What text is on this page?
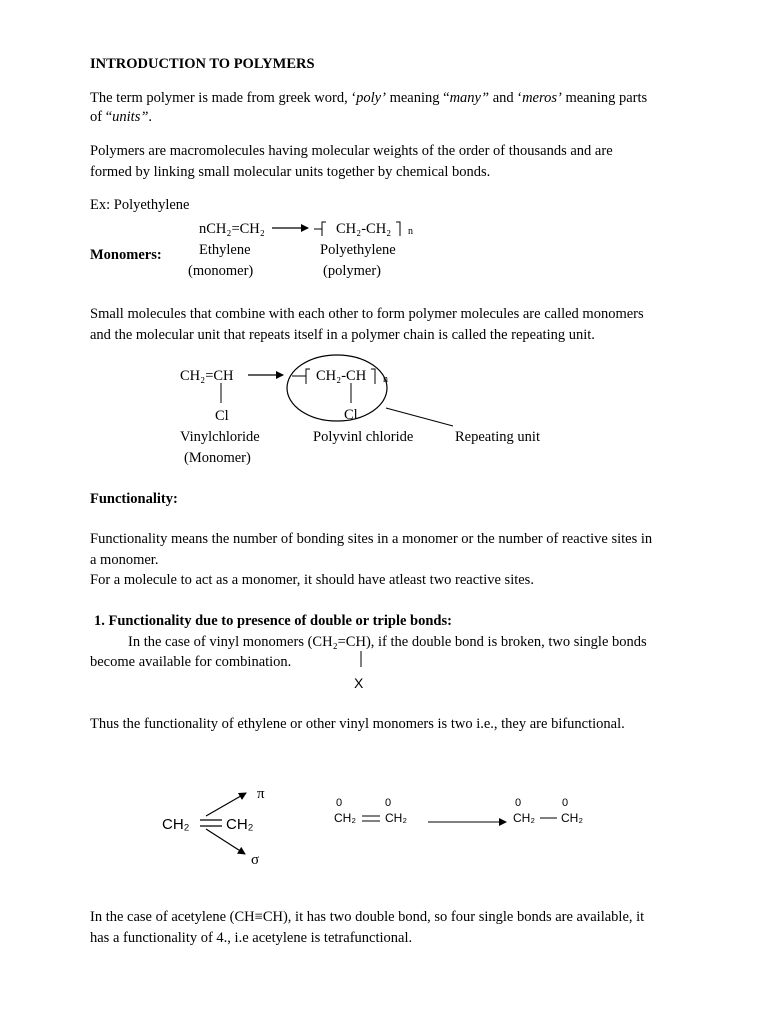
INTRODUCTION TO POLYMERS
The term polymer is made from greek word, ‘poly’ meaning “many” and ‘meros’ meaning parts
of “units”.
Polymers are macromolecules having molecular weights of the order of thousands and are
formed by linking small molecular units together by chemical bonds.
Ex: Polyethylene
nCH₂=CH₂	CH₂-CH₂ n
Monomers:	Ethylene
(monomer)
Polyethylene
(polymer)
Small molecules that combine with each other to form polymer molecules are called monomers
and the molecular unit that repeats itself in a polymer chain is called the repeating unit.
CH₂=CH	CH₂-CH n
Cl	Cl
Vinylchloride
(Monomer)
Polyvinl chloride	Repeating unit
Functionality:
Functionality means the number of bonding sites in a monomer or the number of reactive sites in
a monomer.
For a molecule to act as a monomer, it should have atleast two reactive sites.
1. Functionality due to presence of double or triple bonds:
In the case of vinyl monomers (CH₂=CH), if the double bond is broken, two single bonds
become available for combination.
X
Thus the functionality of ethylene or other vinyl monomers is two i.e., they are bifunctional.
CH₂ CH₂
π
σ
0	0
CH₂ CH₂
0	0
CH₂ CH₂
In the case of acetylene (CH≡CH), it has two double bond, so four single bonds are available, it
has a functionality of 4., i.e acetylene is tetrafunctional.
